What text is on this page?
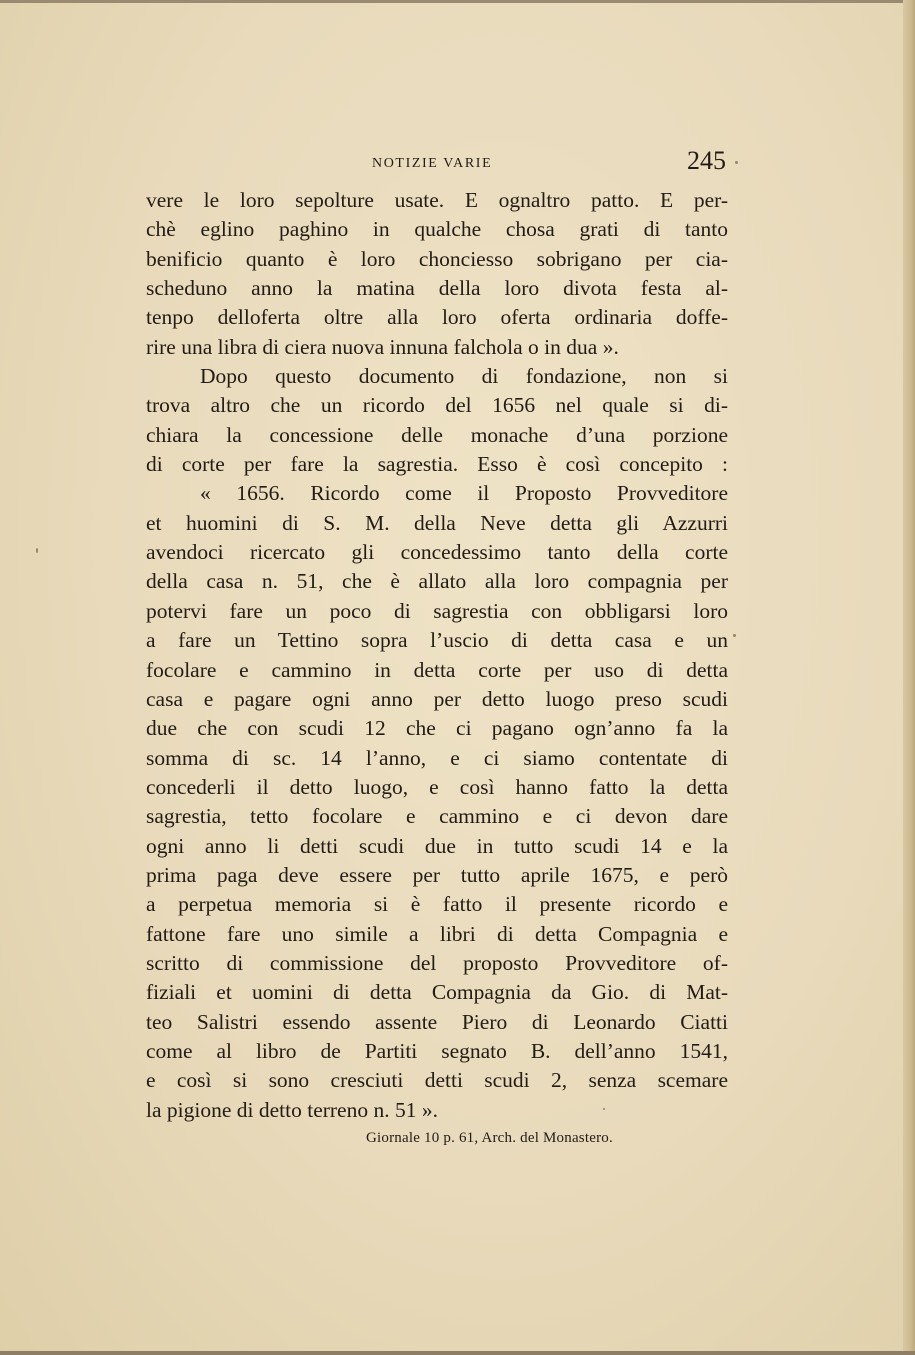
NOTIZIE VARIE	245
vere le loro sepolture usate. E ognaltro patto. E per-
chè eglino paghino in qualche chosa grati di tanto
benificio quanto è loro chonciesso sobrigano per cia-
scheduno anno la matina della loro divota festa al-
tenpo delloferta oltre alla loro oferta ordinaria doffe-
rire una libra di ciera nuova innuna falchola o in dua ».
Dopo questo documento di fondazione, non si
trova altro che un ricordo del 1656 nel quale si di-
chiara la concessione delle monache d’una porzione
di corte per fare la sagrestia. Esso è così concepito :
« 1656. Ricordo come il Proposto Provveditore
et huomini di S. M. della Neve detta gli Azzurri
avendoci ricercato gli concedessimo tanto della corte
della casa n. 51, che è allato alla loro compagnia per
potervi fare un poco di sagrestia con obbligarsi loro
a fare un Tettino sopra l’uscio di detta casa e un
focolare e cammino in detta corte per uso di detta
casa e pagare ogni anno per detto luogo preso scudi
due che con scudi 12 che ci pagano ogn’anno fa la
somma di sc. 14 l’anno, e ci siamo contentate di
concederli il detto luogo, e così hanno fatto la detta
sagrestia, tetto focolare e cammino e ci devon dare
ogni anno li detti scudi due in tutto scudi 14 e la
prima paga deve essere per tutto aprile 1675, e però
a perpetua memoria si è fatto il presente ricordo e
fattone fare uno simile a libri di detta Compagnia e
scritto di commissione del proposto Provveditore of-
fiziali et uomini di detta Compagnia da Gio. di Mat-
teo Salistri essendo assente Piero di Leonardo Ciatti
come al libro de Partiti segnato B. dell’anno 1541,
e così si sono cresciuti detti scudi 2, senza scemare
la pigione di detto terreno n. 51 ».
Giornale 10 p. 61, Arch. del Monastero.
